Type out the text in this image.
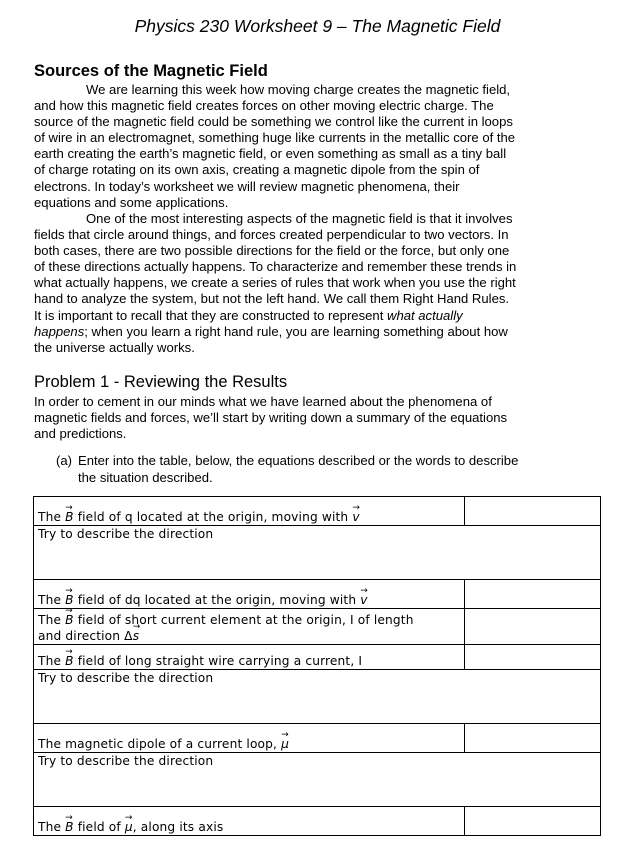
Physics 230 Worksheet 9 – The Magnetic Field
Sources of the Magnetic Field
We are learning this week how moving charge creates the magnetic field,
and how this magnetic field creates forces on other moving electric charge. The
source of the magnetic field could be something we control like the current in loops
of wire in an electromagnet, something huge like currents in the metallic core of the
earth creating the earth’s magnetic field, or even something as small as a tiny ball
of charge rotating on its own axis, creating a magnetic dipole from the spin of
electrons. In today’s worksheet we will review magnetic phenomena, their
equations and some applications.
One of the most interesting aspects of the magnetic field is that it involves
fields that circle around things, and forces created perpendicular to two vectors. In
both cases, there are two possible directions for the field or the force, but only one
of these directions actually happens. To characterize and remember these trends in
what actually happens, we create a series of rules that work when you use the right
hand to analyze the system, but not the left hand. We call them Right Hand Rules.
It is important to recall that they are constructed to represent what actually
happens; when you learn a right hand rule, you are learning something about how
the universe actually works.
Problem 1 - Reviewing the Results
In order to cement in our minds what we have learned about the phenomena of
magnetic fields and forces, we’ll start by writing down a summary of the equations
and predictions.
(a) Enter into the table, below, the equations described or the words to describe
the situation described.
The → B field of q located at the origin, moving with → v	
Try to describe the direction	
The → B field of dq located at the origin, moving with → v	
The → B field of short current element at the origin, I of length
and direction Δ→ s	
The → B field of long straight wire carrying a current, I	
Try to describe the direction	
The magnetic dipole of a current loop, → μ	
Try to describe the direction	
The → B field of → μ, along its axis	
